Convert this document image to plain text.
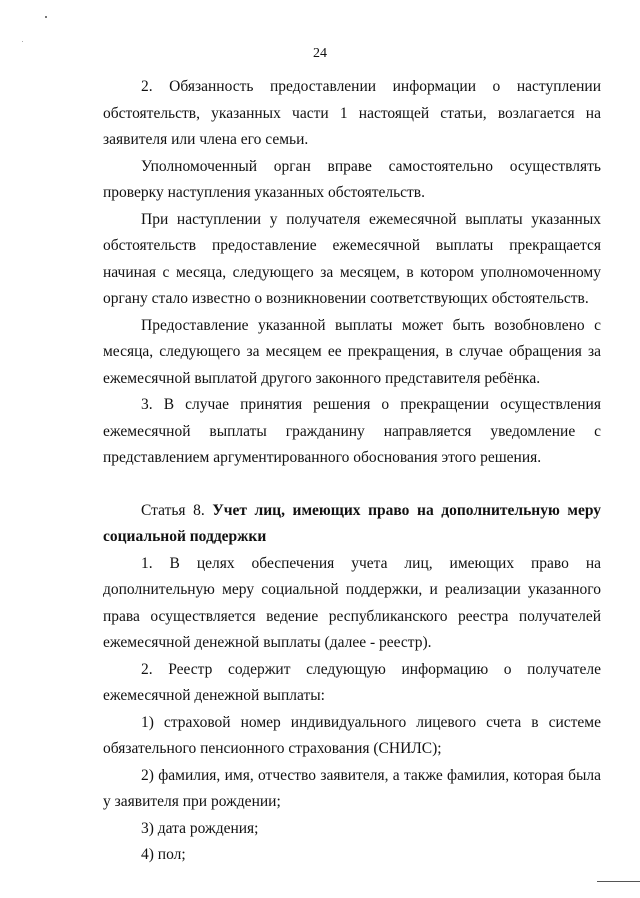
24

2. Обязанность предоставлении информации о наступлении обстоятельств, указанных части 1 настоящей статьи, возлагается на заявителя или члена его семьи.

Уполномоченный орган вправе самостоятельно осуществлять проверку наступления указанных обстоятельств.

При наступлении у получателя ежемесячной выплаты указанных обстоятельств предоставление ежемесячной выплаты прекращается начиная с месяца, следующего за месяцем, в котором уполномоченному органу стало известно о возникновении соответствующих обстоятельств.

Предоставление указанной выплаты может быть возобновлено с месяца, следующего за месяцем ее прекращения, в случае обращения за ежемесячной выплатой другого законного представителя ребёнка.

3. В случае принятия решения о прекращении осуществления ежемесячной выплаты гражданину направляется уведомление с представлением аргументированного обоснования этого решения.

Статья 8. Учет лиц, имеющих право на дополнительную меру социальной поддержки

1. В целях обеспечения учета лиц, имеющих право на дополнительную меру социальной поддержки, и реализации указанного права осуществляется ведение республиканского реестра получателей ежемесячной денежной выплаты (далее - реестр).

2. Реестр содержит следующую информацию о получателе ежемесячной денежной выплаты:

1) страховой номер индивидуального лицевого счета в системе обязательного пенсионного страхования (СНИЛС);

2) фамилия, имя, отчество заявителя, а также фамилия, которая была у заявителя при рождении;

3) дата рождения;

4) пол;
